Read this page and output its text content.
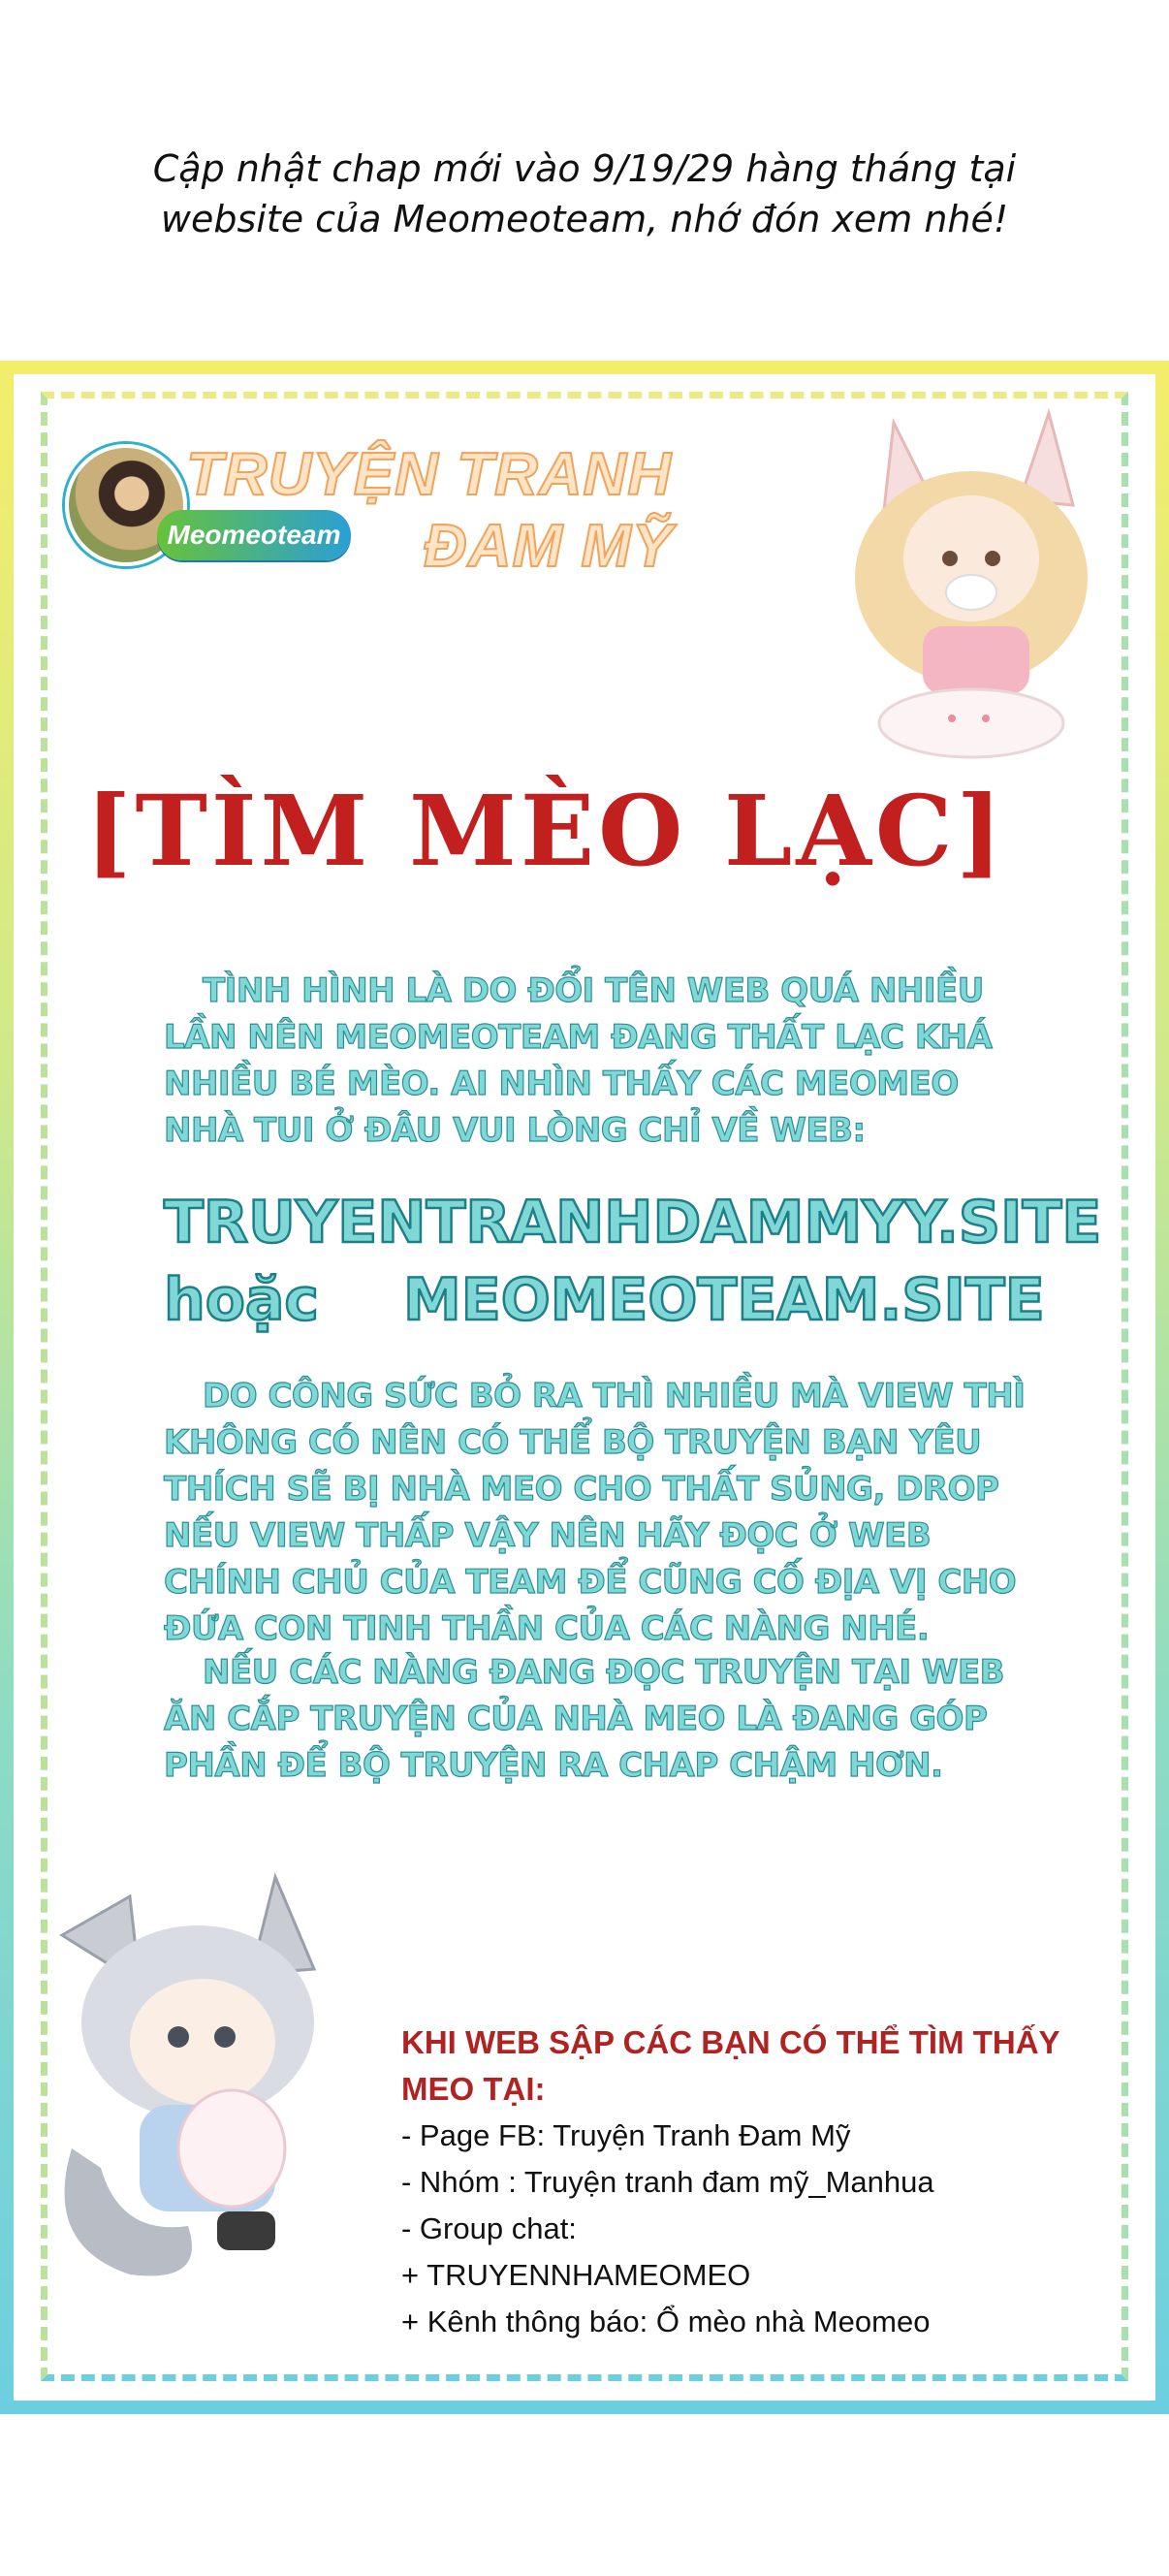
Cập nhật chap mới vào 9/19/29 hàng tháng tại
website của Meomeoteam, nhớ đón xem nhé!
TRUYỆN TRANH
Meomeoteam ĐAM MỸ
[TÌM MÈO LẠC]
TÌNH HÌNH LÀ DO ĐỔI TÊN WEB QUÁ NHIỀU LẦN NÊN MEOMEOTEAM ĐANG THẤT LẠC KHÁ NHIỀU BÉ MÈO. AI NHÌN THẤY CÁC MEOMEO NHÀ TUI Ở ĐÂU VUI LÒNG CHỈ VỀ WEB:
TRUYENTRANHDAMMYY.SITE
hoặc MEOMEOTEAM.SITE
DO CÔNG SỨC BỎ RA THÌ NHIỀU MÀ VIEW THÌ KHÔNG CÓ NÊN CÓ THỂ BỘ TRUYỆN BẠN YÊU THÍCH SẼ BỊ NHÀ MEO CHO THẤT SỦNG, DROP NẾU VIEW THẤP VẬY NÊN HÃY ĐỌC Ở WEB CHÍNH CHỦ CỦA TEAM ĐỂ CŨNG CỐ ĐỊA VỊ CHO ĐỨA CON TINH THẦN CỦA CÁC NÀNG NHÉ.
NẾU CÁC NÀNG ĐANG ĐỌC TRUYỆN TẠI WEB ĂN CẮP TRUYỆN CỦA NHÀ MEO LÀ ĐANG GÓP PHẦN ĐỂ BỘ TRUYỆN RA CHAP CHẬM HƠN.
KHI WEB SẬP CÁC BẠN CÓ THỂ TÌM THẤY MEO TẠI:
- Page FB: Truyện Tranh Đam Mỹ
- Nhóm : Truyện tranh đam mỹ_Manhua
- Group chat:
+ TRUYENNHAMEOMEO
+ Kênh thông báo: Ổ mèo nhà Meomeo
